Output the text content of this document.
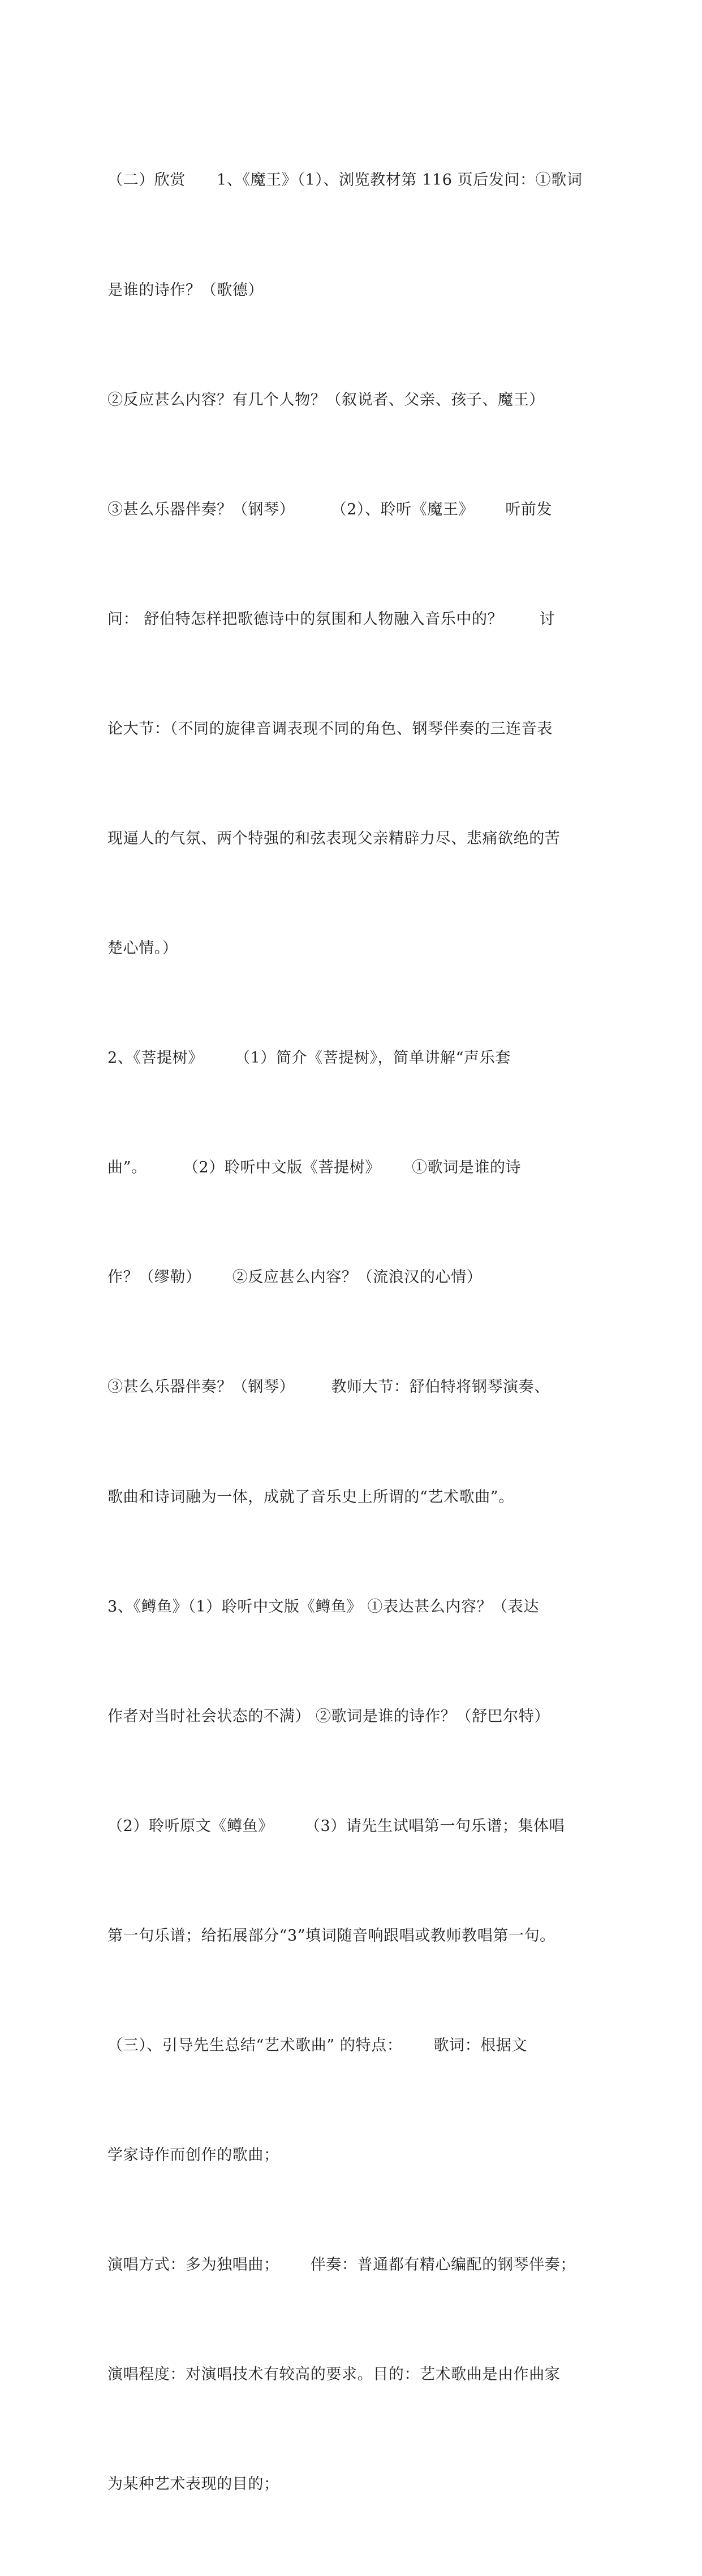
（二）欣赏      1、《魔王》（1）、浏览教材第 116 页后发问：①歌词

是谁的诗作？（歌德）

②反应甚么内容？有几个人物？（叙说者、父亲、孩子、魔王）

③甚么乐器伴奏？（钢琴）       （2）、聆听《魔王》      听前发

问： 舒伯特怎样把歌德诗中的氛围和人物融入音乐中的？       讨

论大节：（不同的旋律音调表现不同的角色、钢琴伴奏的三连音表

现逼人的气氛、两个特强的和弦表现父亲精辟力尽、悲痛欲绝的苦

楚心情。）

2、《菩提树》      （1）简介《菩提树》，简单讲解“声乐套

曲”。       （2）聆听中文版《菩提树》      ①歌词是谁的诗

作？（缪勒）      ②反应甚么内容？（流浪汉的心情）

③甚么乐器伴奏？（钢琴）       教师大节：舒伯特将钢琴演奏、

歌曲和诗词融为一体，成就了音乐史上所谓的“艺术歌曲”。

3、《鳟鱼》（1）聆听中文版《鳟鱼》 ①表达甚么内容？（表达

作者对当时社会状态的不满） ②歌词是谁的诗作？（舒巴尔特）

（2）聆听原文《鳟鱼》      （3）请先生试唱第一句乐谱；集体唱

第一句乐谱；给拓展部分“3”填词随音响跟唱或教师教唱第一句。

（三）、引导先生总结“艺术歌曲” 的特点：      歌词：根据文

学家诗作而创作的歌曲；

演唱方式：多为独唱曲；      伴奏：普通都有精心编配的钢琴伴奏；

演唱程度：对演唱技术有较高的要求。目的：艺术歌曲是由作曲家

为某种艺术表现的目的；
